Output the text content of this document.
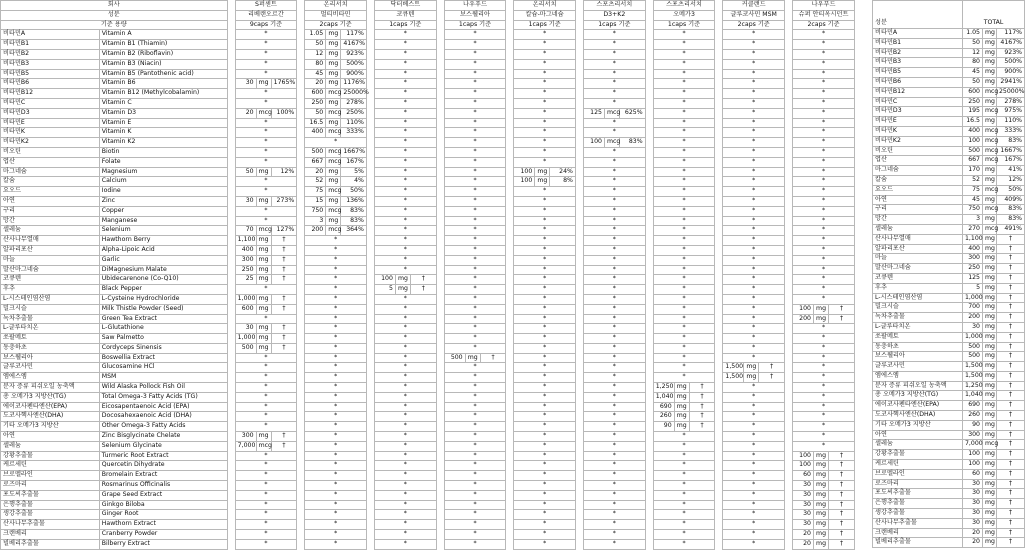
회사			S퍼센트				온리서치				닥터베스트				나우푸드				온리서치				스포츠리서치				스포츠리서치				커클랜드				나우푸드		
성분			리베랜오르간				멀티비타민				코큐텐				보스웰리아				칼슘-마그네슘				D3+K2				오메가3				글루코사민 MSM				슈퍼 안티옥시던트		
기준 용량			9caps 기준				2caps 기준				1caps 기준				1caps 기준				1caps 기준				1caps 기준				1caps 기준				2caps 기준				2caps 기준		
비타민A	Vitamin A		*				1.05	mg	117%		*				*				*				*				*				*				*		
비타민B1	Vitamin B1 (Thiamin)		*				50	mg	4167%		*				*				*				*				*				*				*		
비타민B2	Vitamin B2 (Riboflavin)		*				12	mg	923%		*				*				*				*				*				*				*		
비타민B3	Vitamin B3 (Niacin)		*				80	mg	500%		*				*				*				*				*				*				*		
비타민B5	Vitamin B5 (Pantothenic acid)		*				45	mg	900%		*				*				*				*				*				*				*		
비타민B6	Vitamin B6		30	mg	1765%		20	mg	1176%		*				*				*				*				*				*				*		
비타민B12	Vitamin B12 (Methylcobalamin)		*				600	mcg	25000%		*				*				*				*				*				*				*		
비타민C	Vitamin C		*				250	mg	278%		*				*				*				*				*				*				*		
비타민D3	Vitamin D3		20	mcg	100%		50	mcg	250%		*				*				*				125	mcg	625%		*				*				*		
비타민E	Vitamin E		*				16.5	mg	110%		*				*				*				*				*				*				*		
비타민K	Vitamin K		*				400	mcg	333%		*				*				*				*				*				*				*		
비타민K2	Vitamin K2		*				*				*				*				*				100	mcg	83%		*				*				*		
비오틴	Biotin		*				500	mcg	1667%		*				*				*				*				*				*				*		
엽산	Folate		*				667	mcg	167%		*				*				*				*				*				*				*		
마그네슘	Magnesium		50	mg	12%		20	mg	5%		*				*				100	mg	24%		*				*				*				*		
칼슘	Calcium		*				52	mg	4%		*				*				100	mg	8%		*				*				*				*		
요오드	Iodine		*				75	mcg	50%		*				*				*				*				*				*				*		
아연	Zinc		30	mg	273%		15	mg	136%		*				*				*				*				*				*				*		
구리	Copper		*				750	mcg	83%		*				*				*				*				*				*				*		
망간	Manganese		*				3	mg	83%		*				*				*				*				*				*				*		
셀레늄	Selenium		70	mcg	127%		200	mcg	364%		*				*				*				*				*				*				*		
산사나무열매	Hawthorn Berry		1,100	mg	†		*				*				*				*				*				*				*				*		
알파리포산	Alpha-Lipoic Acid		400	mg	†		*				*				*				*				*				*				*				*		
마늘	Garlic		300	mg	†		*				*				*				*				*				*				*				*		
말산마그네슘	DiMagnesium Malate		250	mg	†		*				*				*				*				*				*				*				*		
코큐텐	Ubidecarenone (Co-Q10)		25	mg	†		*				100	mg	†		*				*				*				*				*				*		
후추	Black Pepper		*				*				5	mg	†		*				*				*				*				*				*		
L-시스테인염산염	L-Cysteine Hydrochloride		1,000	mg	†		*				*				*				*				*				*				*				*		
밀크시슬	Milk Thistle Powder (Seed)		600	mg	†		*				*				*				*				*				*				*				100	mg	†
녹차추출물	Green Tea Extract		*				*				*				*				*				*				*				*				200	mg	†
L-글루타치온	L-Glutathione		30	mg	†		*				*				*				*				*				*				*				*		
쏘팔메토	Saw Palmetto		1,000	mg	†		*				*				*				*				*				*				*				*		
동충하초	Cordyceps Sinensis		500	mg	†		*				*				*				*				*				*				*				*		
보스웰리아	Boswellia Extract		*				*				*				500	mg	†		*				*				*				*				*		
글루코사민	Glucosamine HCl		*				*				*				*				*				*				*				1,500	mg	†		*		
엠에스엠	MSM		*				*				*				*				*				*				*				1,500	mg	†		*		
분자 증류 피쉬오일 농축액	Wild Alaska Pollock Fish Oil		*				*				*				*				*				*				1,250	mg	†		*				*		
총 오메가3 지방산(TG)	Total Omega-3 Fatty Acids (TG)		*				*				*				*				*				*				1,040	mg	†		*				*		
에이코사펜타엔산(EPA)	Eicosapentaenoic Acid (EPA)		*				*				*				*				*				*				690	mg	†		*				*		
도코사헥사엔산(DHA)	Docosahexaenoic Acid (DHA)		*				*				*				*				*				*				260	mg	†		*				*		
기타 오메가3 지방산	Other Omega-3 Fatty Acids		*				*				*				*				*				*				90	mg	†		*				*		
아연	Zinc Bisglycinate Chelate		300	mg	†		*				*				*				*				*				*				*				*		
셀레늄	Selenium Glycinate		7,000	mcg	†		*				*				*				*				*				*				*				*		
강황추출물	Turmeric Root Extract		*				*				*				*				*				*				*				*				100	mg	†
케르세틴	Quercetin Dihydrate		*				*				*				*				*				*				*				*				100	mg	†
브로멜라인	Bromelain Extract		*				*				*				*				*				*				*				*				60	mg	†
로즈마리	Rosmarinus Officinalis		*				*				*				*				*				*				*				*				30	mg	†
포도씨추출물	Grape Seed Extract		*				*				*				*				*				*				*				*				30	mg	†
은행추출물	Ginkgo Biloba		*				*				*				*				*				*				*				*				30	mg	†
생강추출물	Ginger Root		*				*				*				*				*				*				*				*				30	mg	†
산사나무추출물	Hawthorn Extract		*				*				*				*				*				*				*				*				30	mg	†
크랜베리	Cranberry Powder		*				*				*				*				*				*				*				*				20	mg	†
빌베리추출물	Bilberry Extract		*				*				*				*				*				*				*				*				20	mg	†
성분	TOTAL		
비타민A	1.05	mg	117%
비타민B1	50	mg	4167%
비타민B2	12	mg	923%
비타민B3	80	mg	500%
비타민B5	45	mg	900%
비타민B6	50	mg	2941%
비타민B12	600	mcg	25000%
비타민C	250	mg	278%
비타민D3	195	mcg	975%
비타민E	16.5	mg	110%
비타민K	400	mcg	333%
비타민K2	100	mcg	83%
비오틴	500	mcg	1667%
엽산	667	mcg	167%
마그네슘	170	mg	41%
칼슘	52	mg	12%
요오드	75	mcg	50%
아연	45	mg	409%
구리	750	mcg	83%
망간	3	mg	83%
셀레늄	270	mcg	491%
산사나무열매	1,100	mg	†
알파리포산	400	mg	†
마늘	300	mg	†
말산마그네슘	250	mg	†
코큐텐	125	mg	†
후추	5	mg	†
L-시스테인염산염	1,000	mg	†
밀크시슬	700	mg	†
녹차추출물	200	mg	†
L-글루타치온	30	mg	†
쏘팔메토	1,000	mg	†
동충하초	500	mg	†
보스웰리아	500	mg	†
글루코사민	1,500	mg	†
엠에스엠	1,500	mg	†
분자 증류 피쉬오일 농축액	1,250	mg	†
총 오메가3 지방산(TG)	1,040	mg	†
에이코사펜타엔산(EPA)	690	mg	†
도코사헥사엔산(DHA)	260	mg	†
기타 오메가3 지방산	90	mg	†
아연	300	mg	†
셀레늄	7,000	mcg	†
강황추출물	100	mg	†
케르세틴	100	mg	†
브로멜라인	60	mg	†
로즈마리	30	mg	†
포도씨추출물	30	mg	†
은행추출물	30	mg	†
생강추출물	30	mg	†
산사나무추출물	30	mg	†
크랜베리	20	mg	†
빌베리추출물	20	mg	†
